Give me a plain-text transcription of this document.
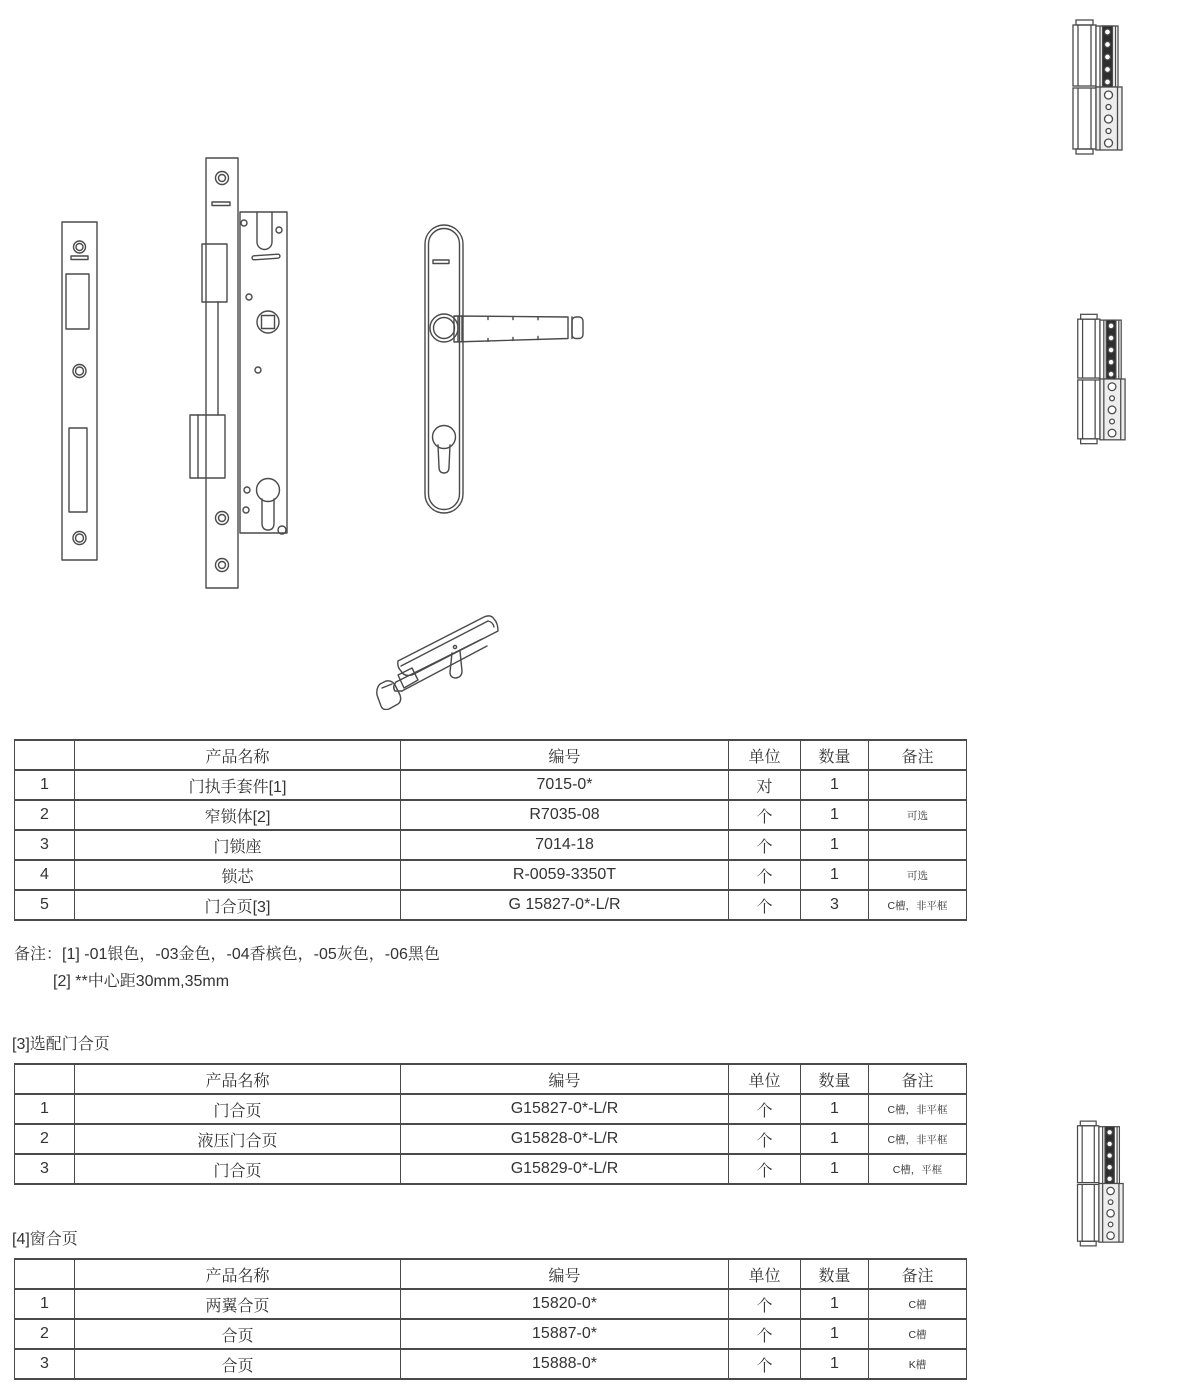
	产品名称	编号	单位	数量	备注
1	门执手套件[1]	7015-0*	对	1	
2	窄锁体[2]	R7035-08	个	1	可选
3	门锁座	7014-18	个	1	
4	锁芯	R-0059-3350T	个	1	可选
5	门合页[3]	G 15827-0*-L/R	个	3	C槽，非平框
备注：[1] -01银色，-03金色，-04香槟色，-05灰色，-06黑色
[2] **中心距30mm,35mm
[3]选配门合页
	产品名称	编号	单位	数量	备注
1	门合页	G15827-0*-L/R	个	1	C槽，非平框
2	液压门合页	G15828-0*-L/R	个	1	C槽，非平框
3	门合页	G15829-0*-L/R	个	1	C槽，平框
[4]窗合页
	产品名称	编号	单位	数量	备注
1	两翼合页	15820-0*	个	1	C槽
2	合页	15887-0*	个	1	C槽
3	合页	15888-0*	个	1	K槽
